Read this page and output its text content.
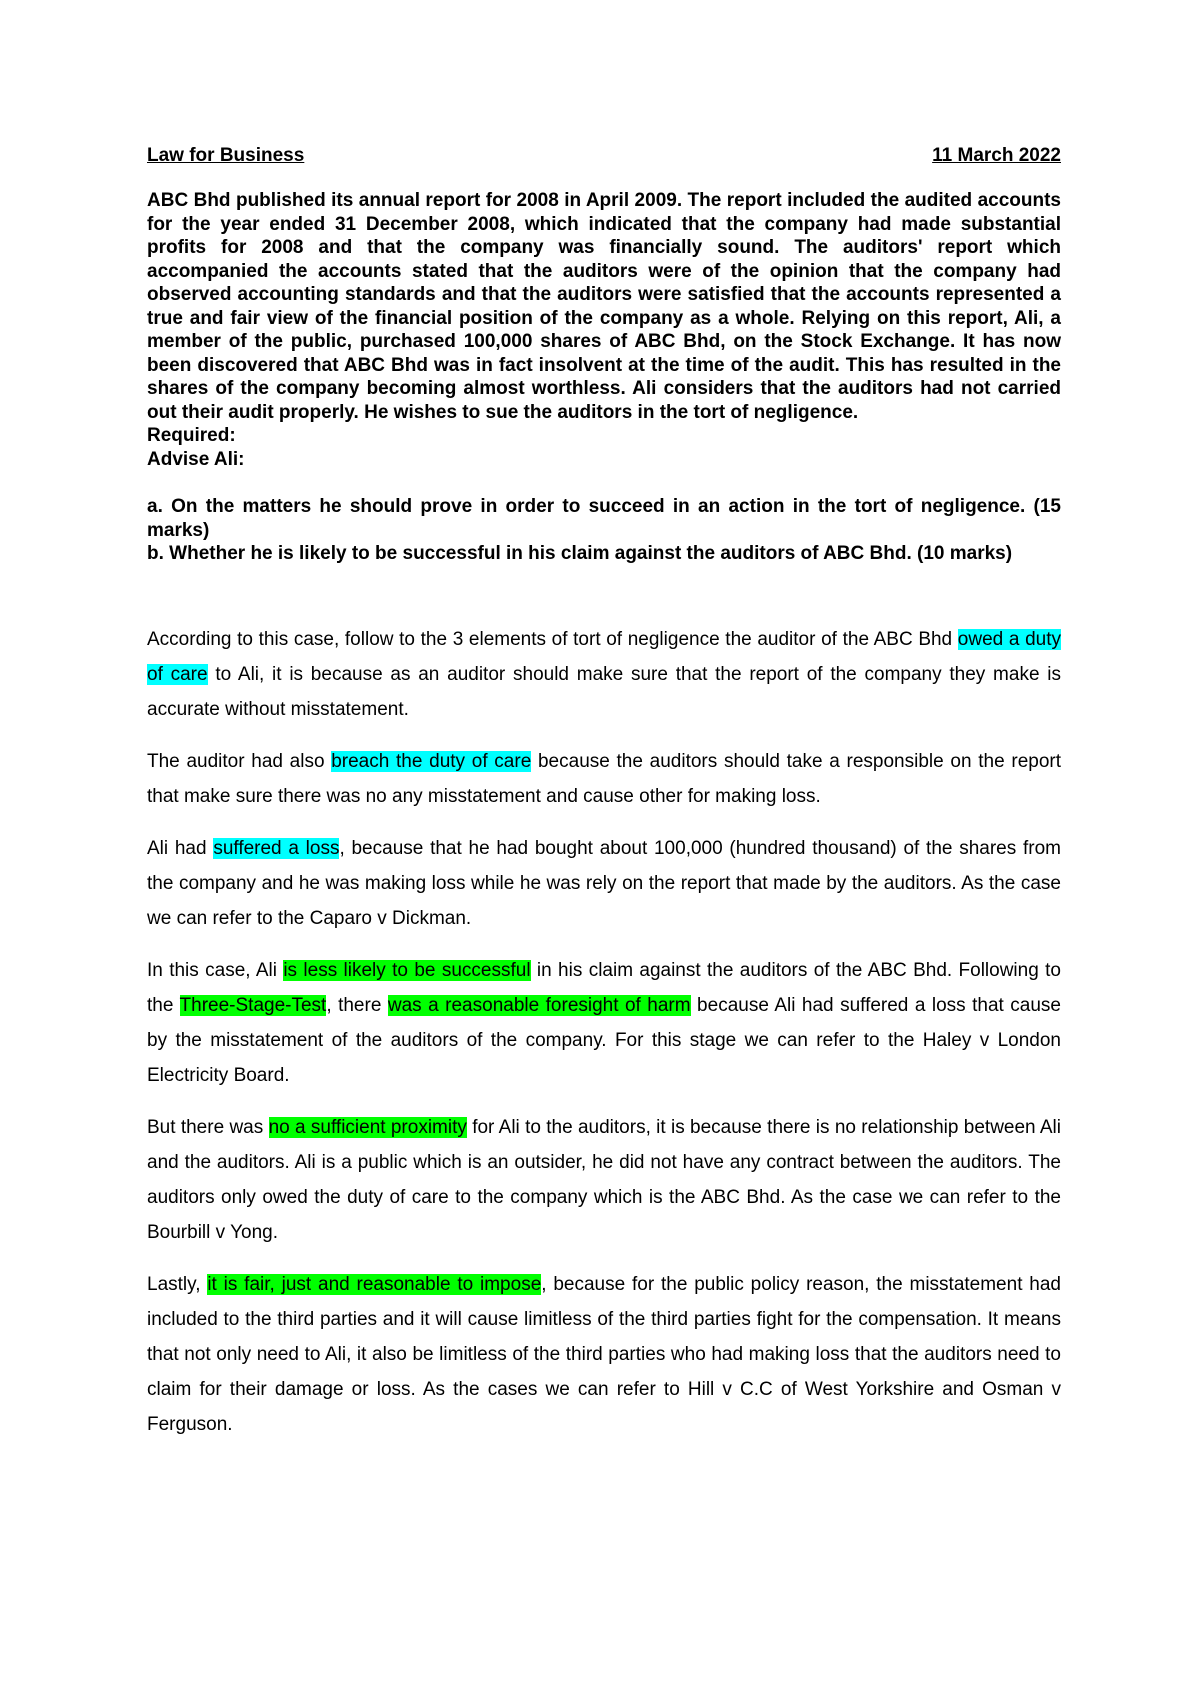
Law for Business	11 March 2022

ABC Bhd published its annual report for 2008 in April 2009. The report included the audited accounts for the year ended 31 December 2008, which indicated that the company had made substantial profits for 2008 and that the company was financially sound. The auditors' report which accompanied the accounts stated that the auditors were of the opinion that the company had observed accounting standards and that the auditors were satisfied that the accounts represented a true and fair view of the financial position of the company as a whole. Relying on this report, Ali, a member of the public, purchased 100,000 shares of ABC Bhd, on the Stock Exchange. It has now been discovered that ABC Bhd was in fact insolvent at the time of the audit. This has resulted in the shares of the company becoming almost worthless. Ali considers that the auditors had not carried out their audit properly. He wishes to sue the auditors in the tort of negligence.

Required:

Advise Ali:

a. On the matters he should prove in order to succeed in an action in the tort of negligence. (15 marks)

b. Whether he is likely to be successful in his claim against the auditors of ABC Bhd. (10 marks)

According to this case, follow to the 3 elements of tort of negligence the auditor of the ABC Bhd owed a duty of care to Ali, it is because as an auditor should make sure that the report of the company they make is accurate without misstatement.

The auditor had also breach the duty of care because the auditors should take a responsible on the report that make sure there was no any misstatement and cause other for making loss.

Ali had suffered a loss, because that he had bought about 100,000 (hundred thousand) of the shares from the company and he was making loss while he was rely on the report that made by the auditors. As the case we can refer to the Caparo v Dickman.

In this case, Ali is less likely to be successful in his claim against the auditors of the ABC Bhd. Following to the Three-Stage-Test, there was a reasonable foresight of harm because Ali had suffered a loss that cause by the misstatement of the auditors of the company. For this stage we can refer to the Haley v London Electricity Board.

But there was no a sufficient proximity for Ali to the auditors, it is because there is no relationship between Ali and the auditors. Ali is a public which is an outsider, he did not have any contract between the auditors. The auditors only owed the duty of care to the company which is the ABC Bhd. As the case we can refer to the Bourbill v Yong.

Lastly, it is fair, just and reasonable to impose, because for the public policy reason, the misstatement had included to the third parties and it will cause limitless of the third parties fight for the compensation. It means that not only need to Ali, it also be limitless of the third parties who had making loss that the auditors need to claim for their damage or loss. As the cases we can refer to Hill v C.C of West Yorkshire and Osman v Ferguson.
